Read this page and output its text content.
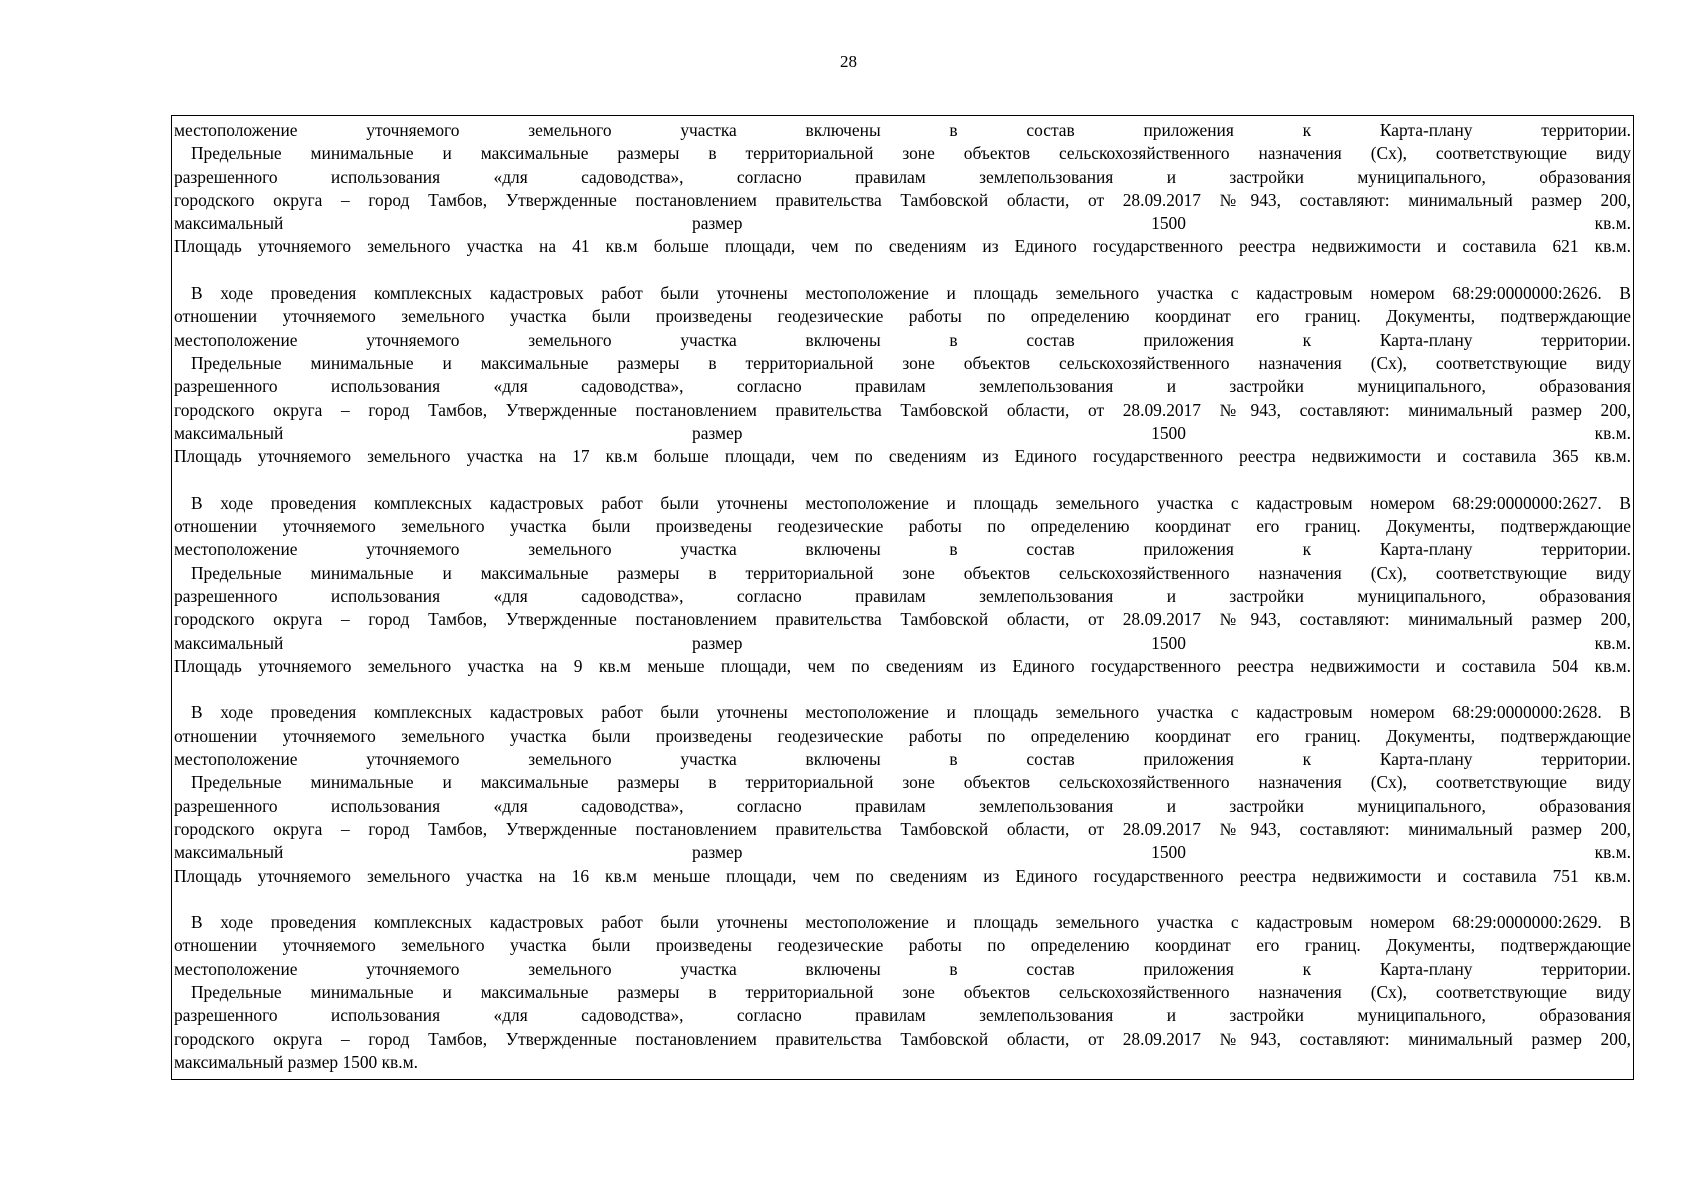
28
местоположение уточняемого земельного участка включены в состав приложения к Карта-плану территории.
Предельные минимальные и максимальные размеры в территориальной зоне объектов сельскохозяйственного назначения (Сх), соответствующие виду
разрешенного использования «для садоводства», согласно правилам землепользования и застройки муниципального, образования
городского округа – город Тамбов, Утвержденные постановлением правительства Тамбовской области, от 28.09.2017 №943, составляют: минимальный размер 200,
максимальный размер 1500 кв.м.
Площадь уточняемого земельного участка на 41 кв.м больше площади, чем по сведениям из Единого государственного реестра недвижимости и составила 621 кв.м.
В ходе проведения комплексных кадастровых работ были уточнены местоположение и площадь земельного участка с кадастровым номером 68:29:0000000:2626. В
отношении уточняемого земельного участка были произведены геодезические работы по определению координат его границ. Документы, подтверждающие
местоположение уточняемого земельного участка включены в состав приложения к Карта-плану территории.
Предельные минимальные и максимальные размеры в территориальной зоне объектов сельскохозяйственного назначения (Сх), соответствующие виду
разрешенного использования «для садоводства», согласно правилам землепользования и застройки муниципального, образования
городского округа – город Тамбов, Утвержденные постановлением правительства Тамбовской области, от 28.09.2017 №943, составляют: минимальный размер 200,
максимальный размер 1500 кв.м.
Площадь уточняемого земельного участка на 17 кв.м больше площади, чем по сведениям из Единого государственного реестра недвижимости и составила 365 кв.м.
В ходе проведения комплексных кадастровых работ были уточнены местоположение и площадь земельного участка с кадастровым номером 68:29:0000000:2627. В
отношении уточняемого земельного участка были произведены геодезические работы по определению координат его границ. Документы, подтверждающие
местоположение уточняемого земельного участка включены в состав приложения к Карта-плану территории.
Предельные минимальные и максимальные размеры в территориальной зоне объектов сельскохозяйственного назначения (Сх), соответствующие виду
разрешенного использования «для садоводства», согласно правилам землепользования и застройки муниципального, образования
городского округа – город Тамбов, Утвержденные постановлением правительства Тамбовской области, от 28.09.2017 №943, составляют: минимальный размер 200,
максимальный размер 1500 кв.м.
Площадь уточняемого земельного участка на 9 кв.м меньше площади, чем по сведениям из Единого государственного реестра недвижимости и составила 504 кв.м.
В ходе проведения комплексных кадастровых работ были уточнены местоположение и площадь земельного участка с кадастровым номером 68:29:0000000:2628. В
отношении уточняемого земельного участка были произведены геодезические работы по определению координат его границ. Документы, подтверждающие
местоположение уточняемого земельного участка включены в состав приложения к Карта-плану территории.
Предельные минимальные и максимальные размеры в территориальной зоне объектов сельскохозяйственного назначения (Сх), соответствующие виду
разрешенного использования «для садоводства», согласно правилам землепользования и застройки муниципального, образования
городского округа – город Тамбов, Утвержденные постановлением правительства Тамбовской области, от 28.09.2017 №943, составляют: минимальный размер 200,
максимальный размер 1500 кв.м.
Площадь уточняемого земельного участка на 16 кв.м меньше площади, чем по сведениям из Единого государственного реестра недвижимости и составила 751 кв.м.
В ходе проведения комплексных кадастровых работ были уточнены местоположение и площадь земельного участка с кадастровым номером 68:29:0000000:2629. В
отношении уточняемого земельного участка были произведены геодезические работы по определению координат его границ. Документы, подтверждающие
местоположение уточняемого земельного участка включены в состав приложения к Карта-плану территории.
Предельные минимальные и максимальные размеры в территориальной зоне объектов сельскохозяйственного назначения (Сх), соответствующие виду
разрешенного использования «для садоводства», согласно правилам землепользования и застройки муниципального, образования
городского округа – город Тамбов, Утвержденные постановлением правительства Тамбовской области, от 28.09.2017 №943, составляют: минимальный размер 200,
максимальный размер 1500 кв.м.
